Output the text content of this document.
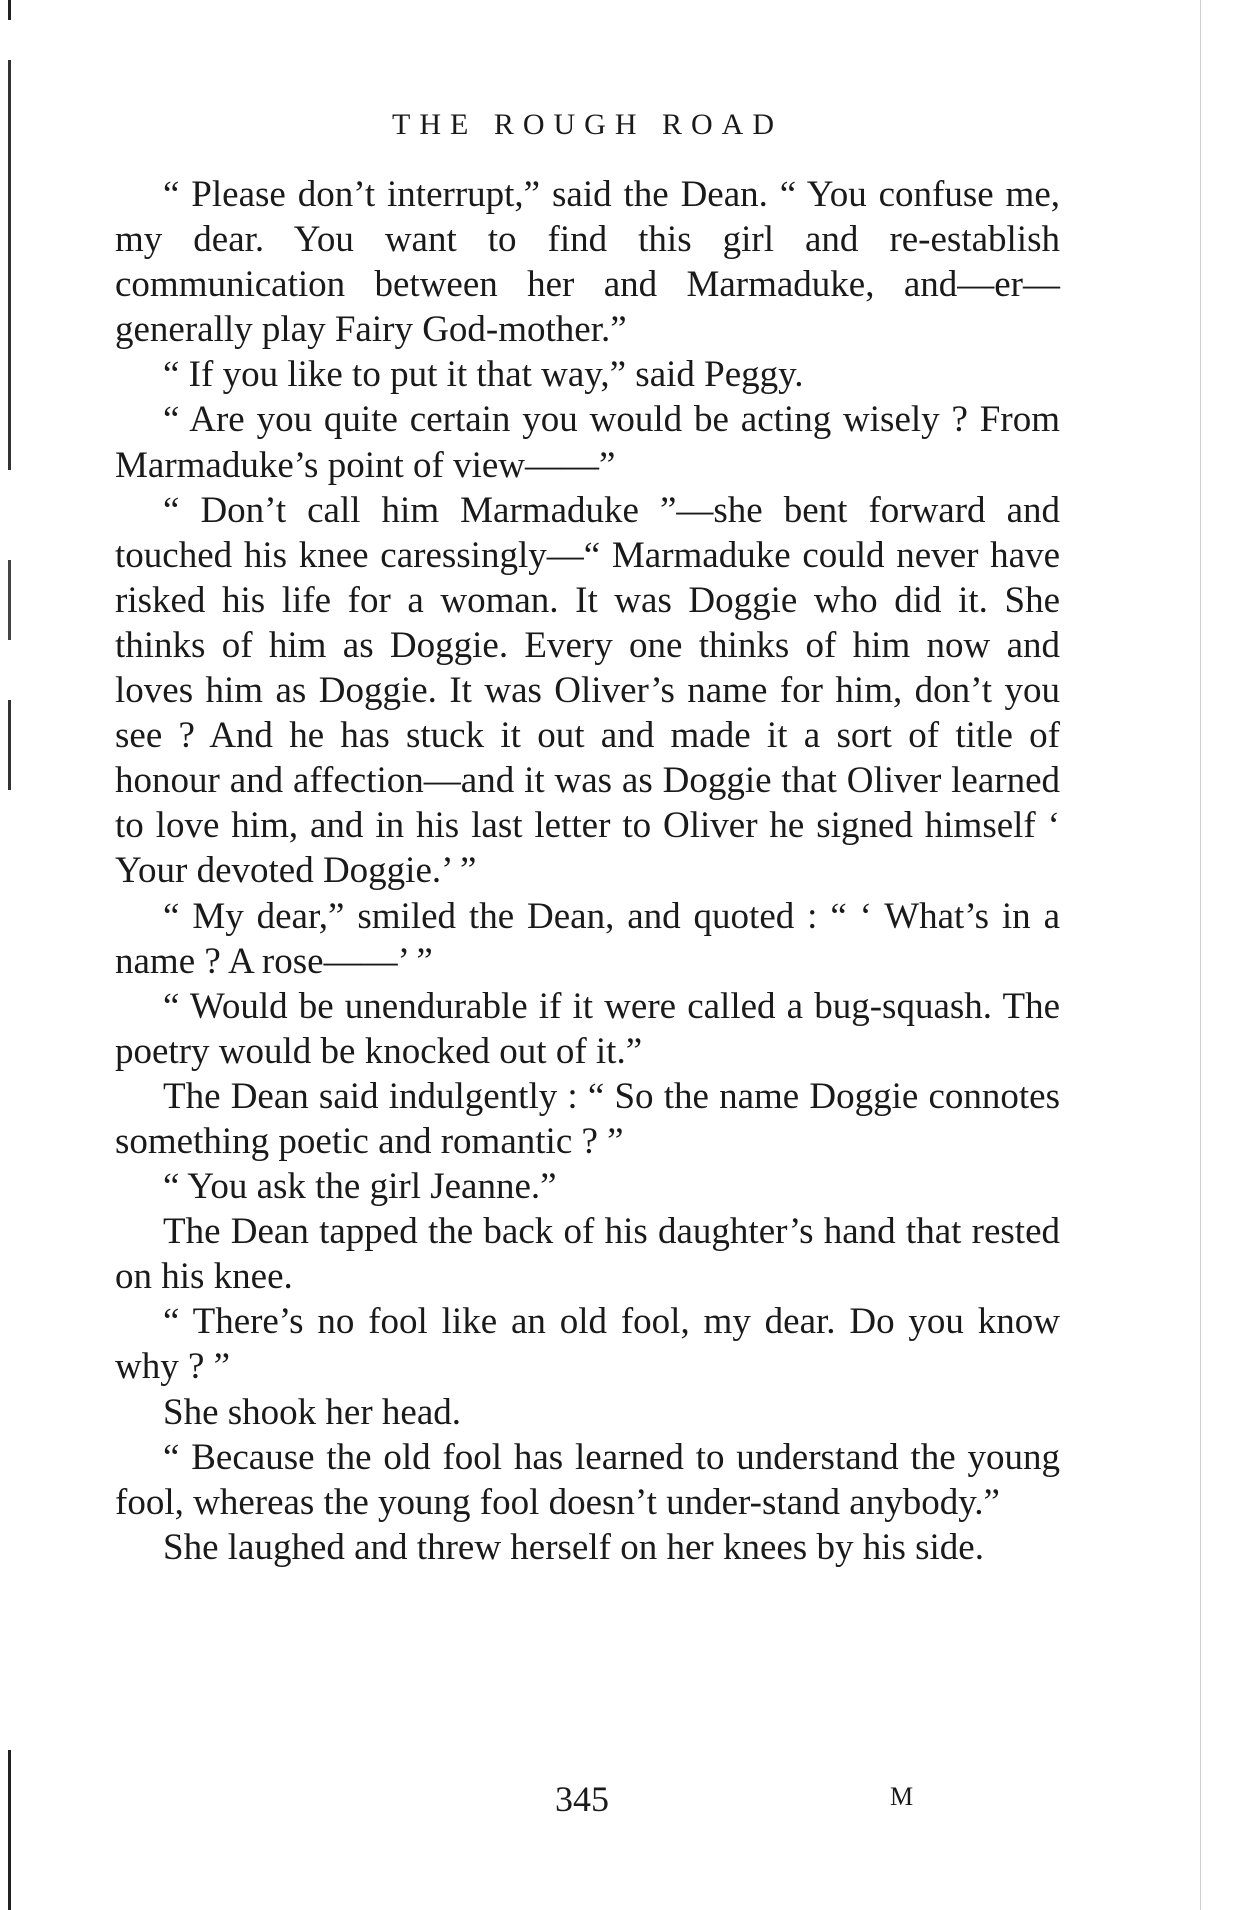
THE ROUGH ROAD

“ Please don’t interrupt,” said the Dean. “ You confuse me, my dear. You want to find this girl and re-establish communication between her and Marmaduke, and—er—generally play Fairy God-mother.”

“ If you like to put it that way,” said Peggy.

“ Are you quite certain you would be acting wisely ? From Marmaduke’s point of view——”

“ Don’t call him Marmaduke ”—she bent forward and touched his knee caressingly—“ Marmaduke could never have risked his life for a woman. It was Doggie who did it. She thinks of him as Doggie. Every one thinks of him now and loves him as Doggie. It was Oliver’s name for him, don’t you see ? And he has stuck it out and made it a sort of title of honour and affection—and it was as Doggie that Oliver learned to love him, and in his last letter to Oliver he signed himself ‘ Your devoted Doggie.’ ”

“ My dear,” smiled the Dean, and quoted : “ ‘ What’s in a name ? A rose——’ ”

“ Would be unendurable if it were called a bug-squash. The poetry would be knocked out of it.”

The Dean said indulgently : “ So the name Doggie connotes something poetic and romantic ? ”

“ You ask the girl Jeanne.”

The Dean tapped the back of his daughter’s hand that rested on his knee.

“ There’s no fool like an old fool, my dear. Do you know why ? ”

She shook her head.

“ Because the old fool has learned to understand the young fool, whereas the young fool doesn’t under-stand anybody.”

She laughed and threw herself on her knees by his side.

345	M
